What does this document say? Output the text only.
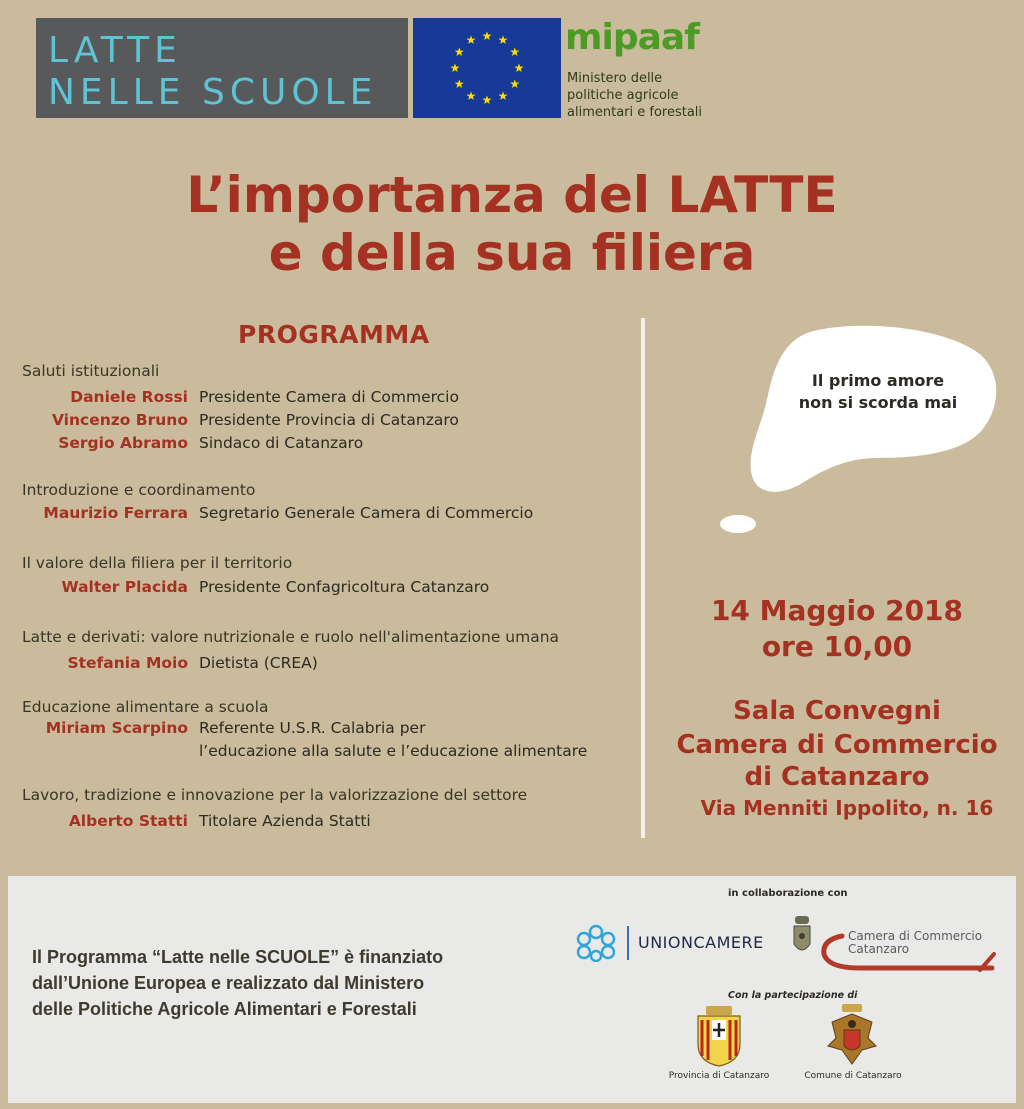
LATTE
NELLE SCUOLE
★ ★
★
★
★
★
★
★
★
★
★
★ mipaaf
Ministero delle
politiche agricole
alimentari e forestali
L’importanza del LATTE
e della sua filiera
PROGRAMMA
Saluti istituzionali
Daniele Rossi Presidente Camera di Commercio
Vincenzo Bruno Presidente Provincia di Catanzaro
Sergio Abramo Sindaco di Catanzaro
Introduzione e coordinamento
Maurizio Ferrara Segretario Generale Camera di Commercio
Il valore della filiera per il territorio
Walter Placida Presidente Confagricoltura Catanzaro
Latte e derivati: valore nutrizionale e ruolo nell'alimentazione umana
Stefania Moio Dietista (CREA)
Educazione alimentare a scuola
Miriam Scarpino Referente U.S.R. Calabria per
l’educazione alla salute e l’educazione alimentare
Lavoro, tradizione e innovazione per la valorizzazione del settore
Alberto Statti Titolare Azienda Statti
Il primo amore
non si scorda mai
14 Maggio 2018
ore 10,00
Sala Convegni
Camera di Commercio
di Catanzaro
Via Menniti Ippolito, n. 16
Il Programma “Latte nelle SCUOLE” è finanziato
dall’Unione Europea e realizzato dal Ministero
delle Politiche Agricole Alimentari e Forestali
in collaborazione con
UNIONCAMERE	Camera di Commercio
Catanzaro
Con la partecipazione di
Provincia di Catanzaro	Comune di Catanzaro
